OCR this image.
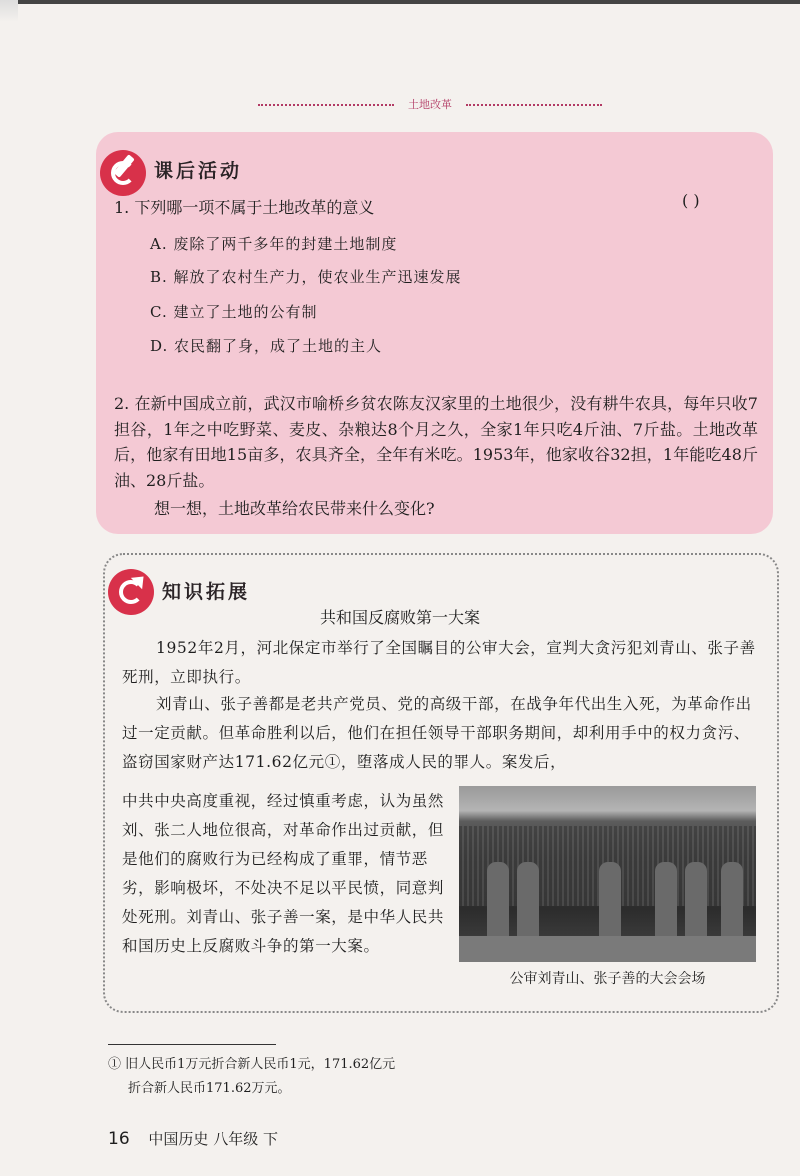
土地改革
课后活动
1. 下列哪一项不属于土地改革的意义	( )
A. 废除了两千多年的封建土地制度
B. 解放了农村生产力，使农业生产迅速发展
C. 建立了土地的公有制
D. 农民翻了身，成了土地的主人
2. 在新中国成立前，武汉市喻桥乡贫农陈友汉家里的土地很少，没有耕牛农具，每年只收7担谷，1年之中吃野菜、麦皮、杂粮达8个月之久，全家1年只吃4斤油、7斤盐。土地改革后，他家有田地15亩多，农具齐全，全年有米吃。1953年，他家收谷32担，1年能吃48斤油、28斤盐。
想一想，土地改革给农民带来什么变化?
知识拓展
共和国反腐败第一大案
1952年2月，河北保定市举行了全国瞩目的公审大会，宣判大贪污犯刘青山、张子善死刑，立即执行。
刘青山、张子善都是老共产党员、党的高级干部，在战争年代出生入死，为革命作出过一定贡献。但革命胜利以后，他们在担任领导干部职务期间，却利用手中的权力贪污、盗窃国家财产达171.62亿元①，堕落成人民的罪人。案发后，
中共中央高度重视，经过慎重考虑，认为虽然刘、张二人地位很高，对革命作出过贡献，但是他们的腐败行为已经构成了重罪，情节恶劣，影响极坏，不处决不足以平民愤，同意判处死刑。刘青山、张子善一案，是中华人民共和国历史上反腐败斗争的第一大案。
公审刘青山、张子善的大会会场
① 旧人民币1万元折合新人民币1元，171.62亿元
折合新人民币171.62万元。
16 中国历史 八年级 下
